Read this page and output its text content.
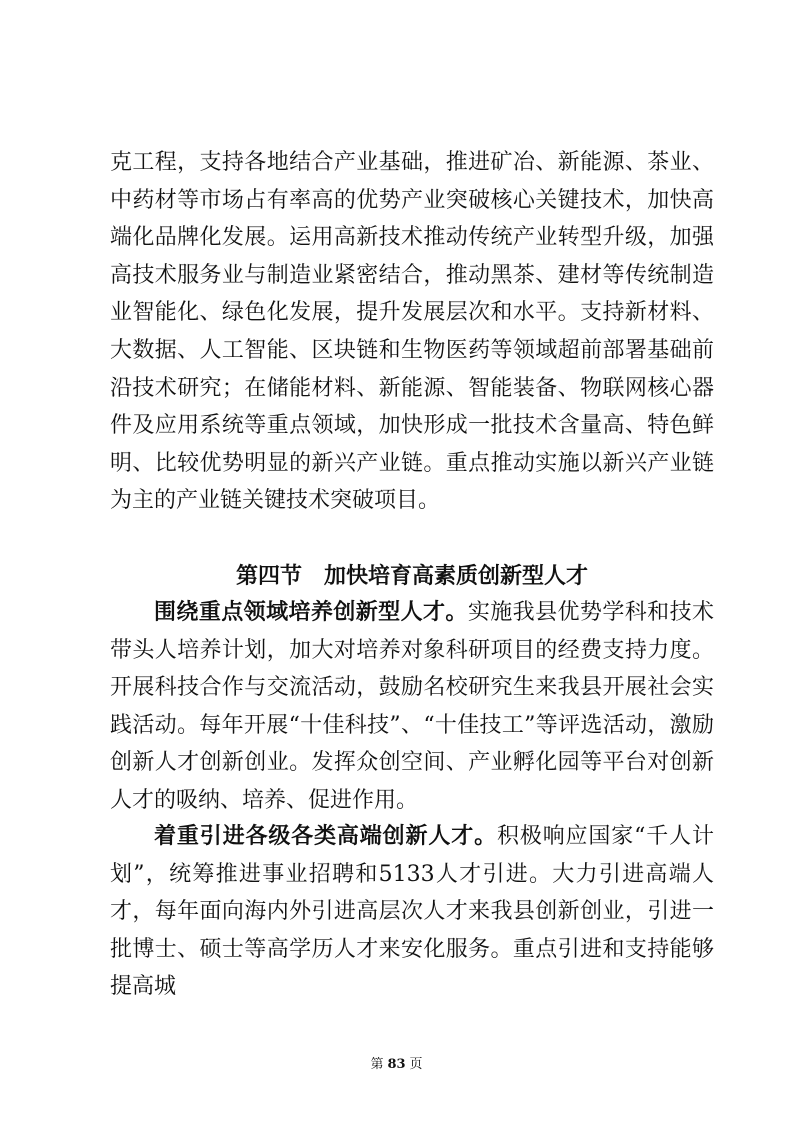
克工程，支持各地结合产业基础，推进矿冶、新能源、茶业、中药材等市场占有率高的优势产业突破核心关键技术，加快高端化品牌化发展。运用高新技术推动传统产业转型升级，加强高技术服务业与制造业紧密结合，推动黑茶、建材等传统制造业智能化、绿色化发展，提升发展层次和水平。支持新材料、大数据、人工智能、区块链和生物医药等领域超前部署基础前沿技术研究；在储能材料、新能源、智能装备、物联网核心器件及应用系统等重点领域，加快形成一批技术含量高、特色鲜明、比较优势明显的新兴产业链。重点推动实施以新兴产业链为主的产业链关键技术突破项目。

第四节　加快培育高素质创新型人才

围绕重点领域培养创新型人才。实施我县优势学科和技术带头人培养计划，加大对培养对象科研项目的经费支持力度。开展科技合作与交流活动，鼓励名校研究生来我县开展社会实践活动。每年开展“十佳科技”、“十佳技工”等评选活动，激励创新人才创新创业。发挥众创空间、产业孵化园等平台对创新人才的吸纳、培养、促进作用。

着重引进各级各类高端创新人才。积极响应国家“千人计划”，统筹推进事业招聘和5133人才引进。大力引进高端人才，每年面向海内外引进高层次人才来我县创新创业，引进一批博士、硕士等高学历人才来安化服务。重点引进和支持能够提高城

第 83 页
